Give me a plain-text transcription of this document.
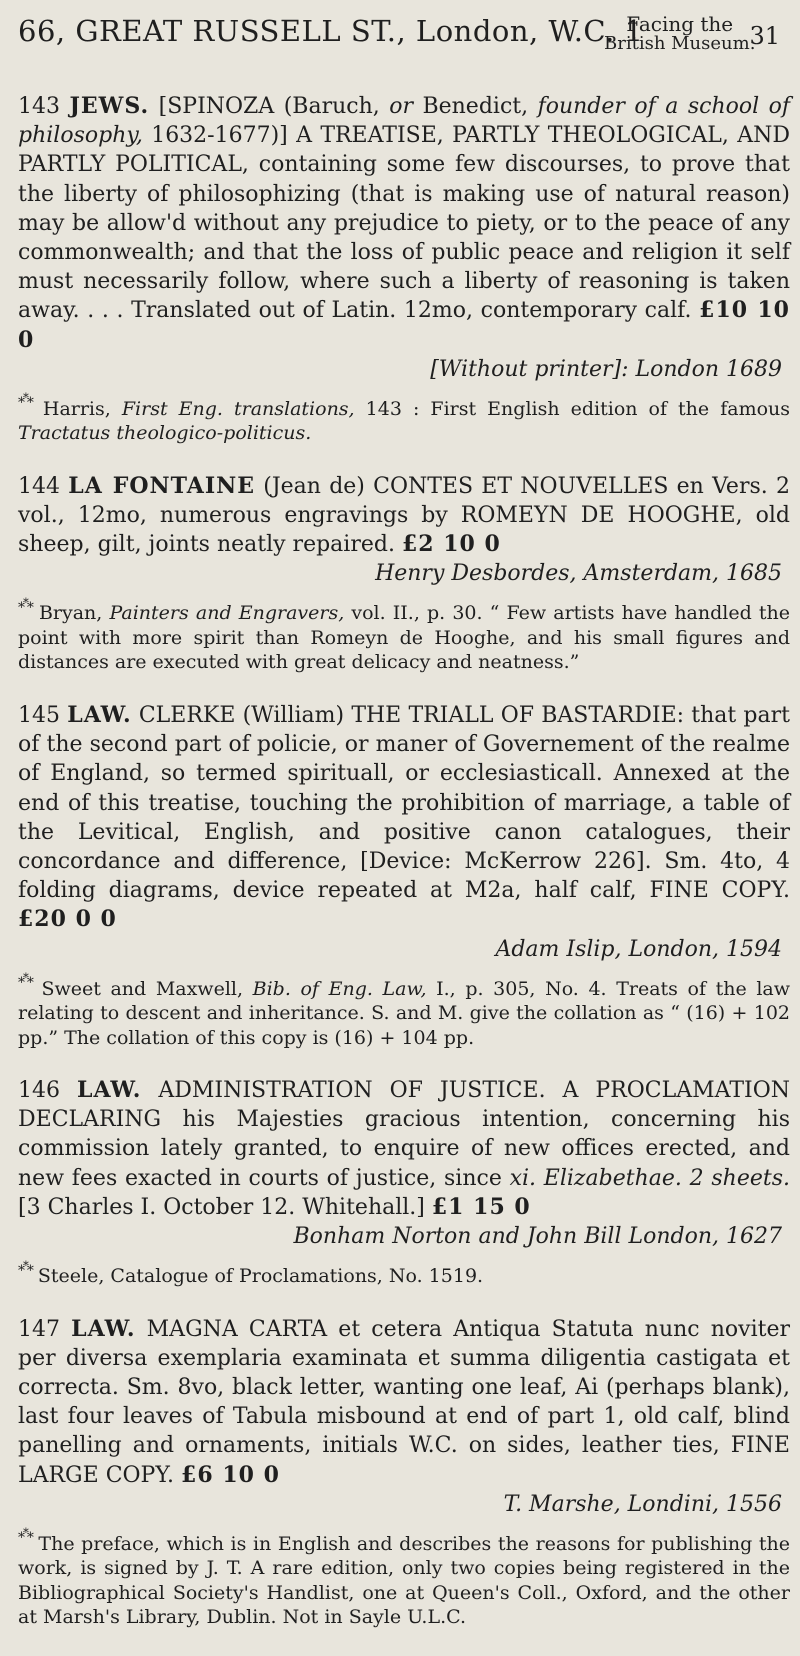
66, GREAT RUSSELL ST., London, W.C. 1
Facing the
British Museum.
31
143 JEWS. [SPINOZA (Baruch, or Benedict, founder of a school of philosophy, 1632-1677)] A TREATISE, PARTLY THEOLOGICAL, AND PARTLY POLITICAL, containing some few discourses, to prove that the liberty of philosophizing (that is making use of natural reason) may be allow'd without any prejudice to piety, or to the peace of any commonwealth; and that the loss of public peace and religion it self must necessarily follow, where such a liberty of reasoning is taken away. . . . Translated out of Latin. 12mo, contemporary calf. £10 10 0
[Without printer]: London 1689
*** Harris, First Eng. translations, 143 : First English edition of the famous Tractatus theologico-politicus.
144 LA FONTAINE (Jean de) CONTES ET NOUVELLES en Vers. 2 vol., 12mo, numerous engravings by ROMEYN DE HOOGHE, old sheep, gilt, joints neatly repaired. £2 10 0
Henry Desbordes, Amsterdam, 1685
*** Bryan, Painters and Engravers, vol. II., p. 30. “ Few artists have handled the point with more spirit than Romeyn de Hooghe, and his small figures and distances are executed with great delicacy and neatness.”
145 LAW. CLERKE (William) THE TRIALL OF BASTARDIE: that part of the second part of policie, or maner of Governement of the realme of England, so termed spirituall, or ecclesiasticall. Annexed at the end of this treatise, touching the prohibition of marriage, a table of the Levitical, English, and positive canon catalogues, their concordance and difference, [Device: McKerrow 226]. Sm. 4to, 4 folding diagrams, device repeated at M2a, half calf, FINE COPY. £20 0 0
Adam Islip, London, 1594
*** Sweet and Maxwell, Bib. of Eng. Law, I., p. 305, No. 4. Treats of the law relating to descent and inheritance. S. and M. give the collation as “ (16) + 102 pp.” The collation of this copy is (16) + 104 pp.
146 LAW. ADMINISTRATION OF JUSTICE. A PROCLAMATION DECLARING his Majesties gracious intention, concerning his commission lately granted, to enquire of new offices erected, and new fees exacted in courts of justice, since xi. Elizabethae. 2 sheets. [3 Charles I. October 12. Whitehall.] £1 15 0
Bonham Norton and John Bill London, 1627
*** Steele, Catalogue of Proclamations, No. 1519.
147 LAW. MAGNA CARTA et cetera Antiqua Statuta nunc noviter per diversa exemplaria examinata et summa diligentia castigata et correcta. Sm. 8vo, black letter, wanting one leaf, Ai (perhaps blank), last four leaves of Tabula misbound at end of part 1, old calf, blind panelling and ornaments, initials W.C. on sides, leather ties, FINE LARGE COPY. £6 10 0
T. Marshe, Londini, 1556
*** The preface, which is in English and describes the reasons for publishing the work, is signed by J. T. A rare edition, only two copies being registered in the Bibliographical Society's Handlist, one at Queen's Coll., Oxford, and the other at Marsh's Library, Dublin. Not in Sayle U.L.C.
